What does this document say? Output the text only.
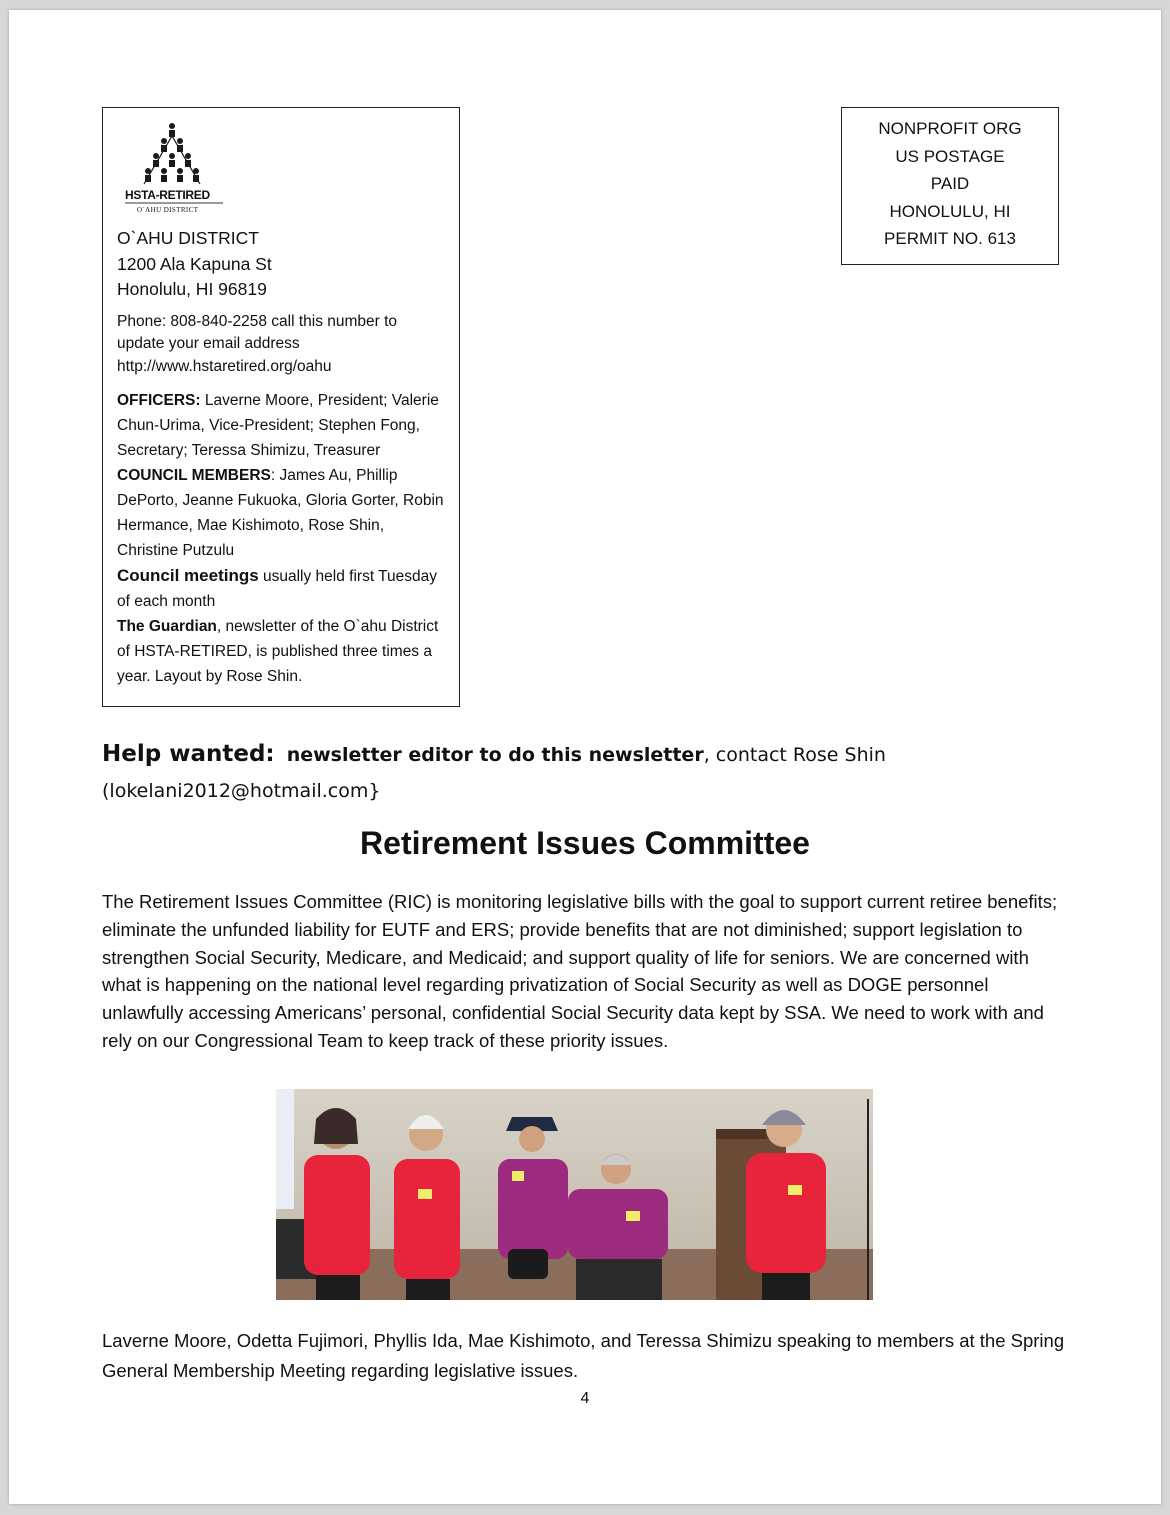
HSTA-RETIRED
O`AHU DISTRICT
O`AHU DISTRICT
1200 Ala Kapuna St
Honolulu, HI 96819
Phone: 808-840-2258 call this number to update your email address
http://www.hstaretired.org/oahu
OFFICERS: Laverne Moore, President; Valerie Chun-Urima, Vice-President; Stephen Fong, Secretary; Teressa Shimizu, Treasurer
COUNCIL MEMBERS: James Au, Phillip DePorto, Jeanne Fukuoka, Gloria Gorter, Robin Hermance, Mae Kishimoto, Rose Shin, Christine Putzulu
Council meetings usually held first Tuesday of each month
The Guardian, newsletter of the O`ahu District of HSTA-RETIRED, is published three times a year. Layout by Rose Shin.
NONPROFIT ORG
US POSTAGE
PAID
HONOLULU, HI
PERMIT NO. 613
Help wanted: newsletter editor to do this newsletter, contact Rose Shin (lokelani2012@hotmail.com}
Retirement Issues Committee
The Retirement Issues Committee (RIC) is monitoring legislative bills with the goal to support current retiree benefits; eliminate the unfunded liability for EUTF and ERS; provide benefits that are not diminished; support legislation to strengthen Social Security, Medicare, and Medicaid; and support quality of life for seniors. We are concerned with what is happening on the national level regarding privatization of Social Security as well as DOGE personnel unlawfully accessing Americans’ personal, confidential Social Security data kept by SSA. We need to work with and rely on our Congressional Team to keep track of these priority issues.
Laverne Moore, Odetta Fujimori, Phyllis Ida, Mae Kishimoto, and Teressa Shimizu speaking to members at the Spring General Membership Meeting regarding legislative issues.
4
